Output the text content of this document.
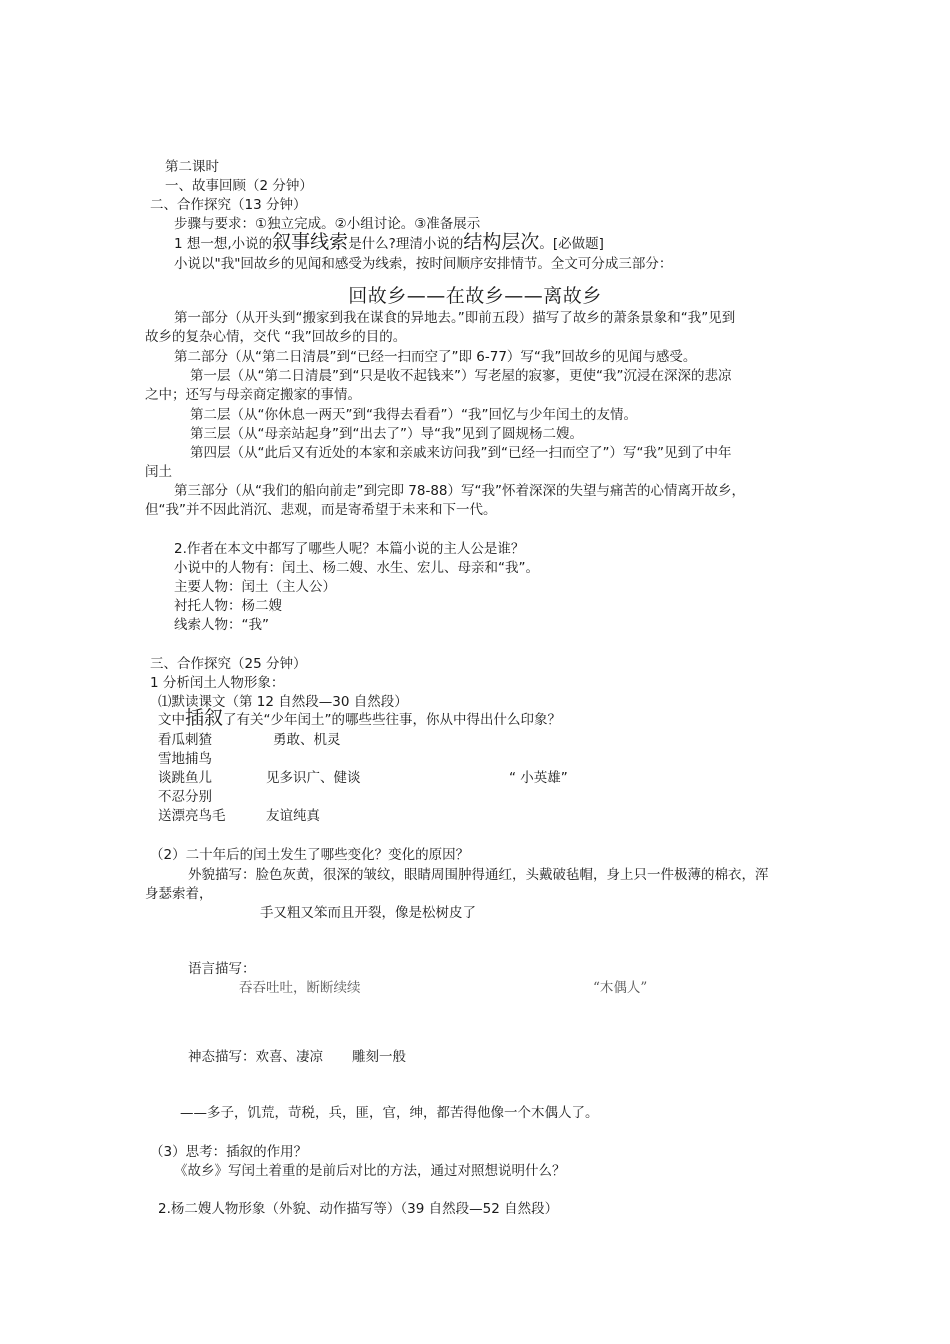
第二课时
一、故事回顾（2 分钟）
二、合作探究（13 分钟）
步骤与要求：①独立完成。②小组讨论。③准备展示
1 想一想,小说的叙事线索是什么?理清小说的结构层次。[必做题]
小说以"我"回故乡的见闻和感受为线索，按时间顺序安排情节。全文可分成三部分：
回故乡——在故乡——离故乡
第一部分（从开头到“搬家到我在谋食的异地去。”即前五段）描写了故乡的萧条景象和“我”见到
故乡的复杂心情，交代 “我”回故乡的目的。
第二部分（从“第二日清晨”到“已经一扫而空了”即 6-77）写“我”回故乡的见闻与感受。
第一层（从“第二日清晨”到“只是收不起钱来”）写老屋的寂寥，更使“我”沉浸在深深的悲凉
之中；还写与母亲商定搬家的事情。
第二层（从“你休息一两天”到“我得去看看”）“我”回忆与少年闰土的友情。
第三层（从“母亲站起身”到“出去了”）导“我”见到了圆规杨二嫂。
第四层（从“此后又有近处的本家和亲戚来访问我”到“已经一扫而空了”）写“我”见到了中年
闰土
第三部分（从“我们的船向前走”到完即 78-88）写“我”怀着深深的失望与痛苦的心情离开故乡，
但“我”并不因此消沉、悲观，而是寄希望于未来和下一代。
2.作者在本文中都写了哪些人呢？本篇小说的主人公是谁？
小说中的人物有：闰土、杨二嫂、水生、宏儿、母亲和“我”。
主要人物：闰土（主人公）
衬托人物：杨二嫂
线索人物：“我”
三、合作探究（25 分钟）
1 分析闰土人物形象：
⑴默读课文（第 12 自然段—30 自然段）
文中插叙了有关“少年闰土”的哪些些往事，你从中得出什么印象？
看瓜刺猹	勇敢、机灵
雪地捕鸟
谈跳鱼儿	见多识广、健谈	“ 小英雄”
不忍分别
送漂亮鸟毛	友谊纯真
（2）二十年后的闰土发生了哪些变化？变化的原因？
外貌描写：脸色灰黄，很深的皱纹，眼睛周围肿得通红，头戴破毡帽，身上只一件极薄的棉衣，浑
身瑟索着，
手又粗又笨而且开裂，像是松树皮了
语言描写：
吞吞吐吐，断断续续	“木偶人”
神态描写：欢喜、凄凉 雕刻一般
——多子，饥荒，苛税，兵，匪，官，绅，都苦得他像一个木偶人了。
（3）思考：插叙的作用？
《故乡》写闰土着重的是前后对比的方法，通过对照想说明什么？
2.杨二嫂人物形象（外貌、动作描写等）（39 自然段—52 自然段）
